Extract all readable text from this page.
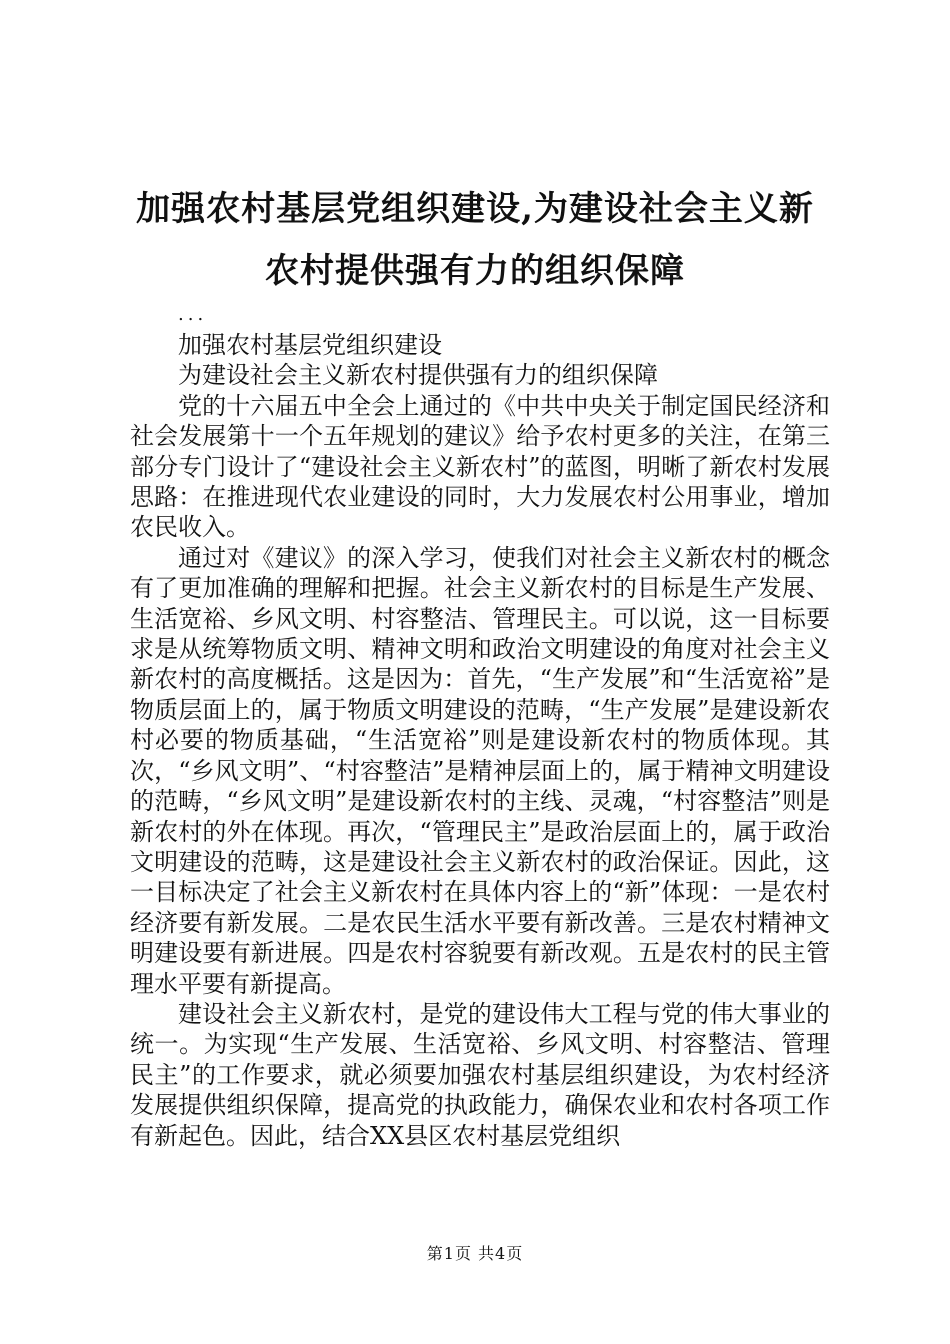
加强农村基层党组织建设,为建设社会主义新
农村提供强有力的组织保障
...

加强农村基层党组织建设

为建设社会主义新农村提供强有力的组织保障

党的十六届五中全会上通过的《中共中央关于制定国民经济和社会发展第十一个五年规划的建议》给予农村更多的关注，在第三部分专门设计了“建设社会主义新农村”的蓝图，明晰了新农村发展思路：在推进现代农业建设的同时，大力发展农村公用事业，增加农民收入。

通过对《建议》的深入学习，使我们对社会主义新农村的概念有了更加准确的理解和把握。社会主义新农村的目标是生产发展、生活宽裕、乡风文明、村容整洁、管理民主。可以说，这一目标要求是从统筹物质文明、精神文明和政治文明建设的角度对社会主义新农村的高度概括。这是因为：首先，“生产发展”和“生活宽裕”是物质层面上的，属于物质文明建设的范畴，“生产发展”是建设新农村必要的物质基础，“生活宽裕”则是建设新农村的物质体现。其次，“乡风文明”、“村容整洁”是精神层面上的，属于精神文明建设的范畴，“乡风文明”是建设新农村的主线、灵魂，“村容整洁”则是新农村的外在体现。再次，“管理民主”是政治层面上的，属于政治文明建设的范畴，这是建设社会主义新农村的政治保证。因此，这一目标决定了社会主义新农村在具体内容上的“新”体现：一是农村经济要有新发展。二是农民生活水平要有新改善。三是农村精神文明建设要有新进展。四是农村容貌要有新改观。五是农村的民主管理水平要有新提高。

建设社会主义新农村，是党的建设伟大工程与党的伟大事业的统一。为实现“生产发展、生活宽裕、乡风文明、村容整洁、管理民主”的工作要求，就必须要加强农村基层组织建设，为农村经济发展提供组织保障，提高党的执政能力，确保农业和农村各项工作有新起色。因此，结合XX县区农村基层党组织

第1页 共4页
